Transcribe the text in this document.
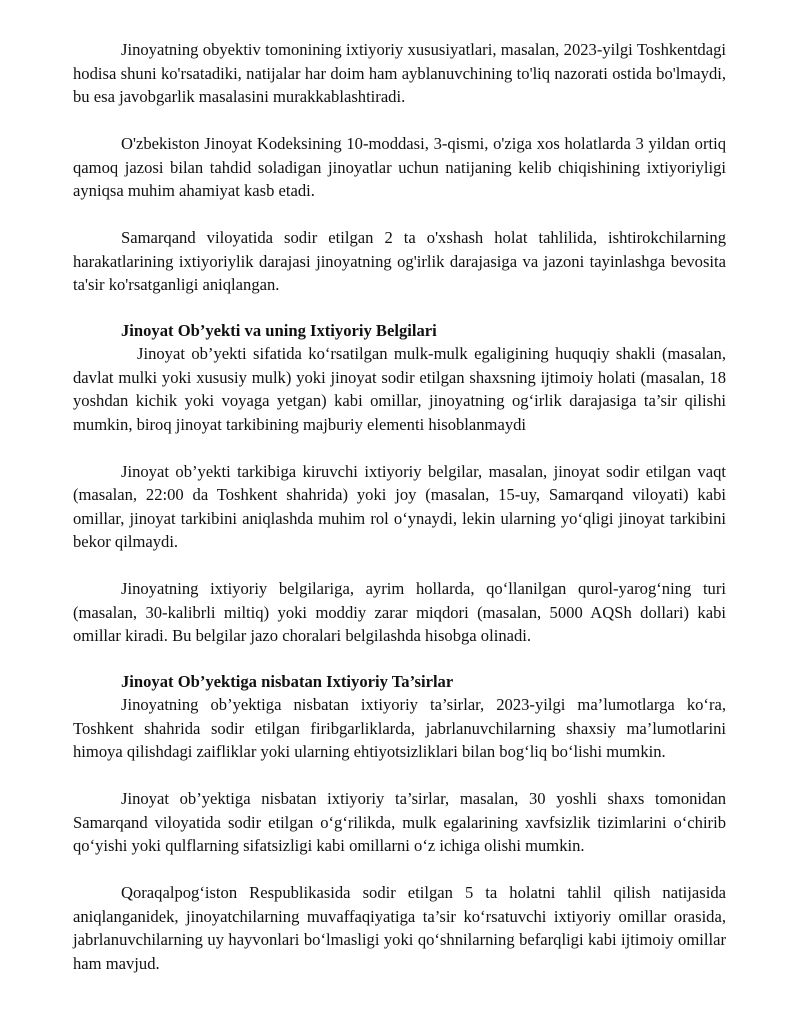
Jinoyatning obyektiv tomonining ixtiyoriy xususiyatlari, masalan, 2023-yilgi Toshkentdagi hodisa shuni ko'rsatadiki, natijalar har doim ham ayblanuvchining to'liq nazorati ostida bo'lmaydi, bu esa javobgarlik masalasini murakkablashtiradi.

O'zbekiston Jinoyat Kodeksining 10-moddasi, 3-qismi, o'ziga xos holatlarda 3 yildan ortiq qamoq jazosi bilan tahdid soladigan jinoyatlar uchun natijaning kelib chiqishining ixtiyoriyligi ayniqsa muhim ahamiyat kasb etadi.

Samarqand viloyatida sodir etilgan 2 ta o'xshash holat tahlilida, ishtirokchilarning harakatlarining ixtiyoriylik darajasi jinoyatning og'irlik darajasiga va jazoni tayinlashga bevosita ta'sir ko'rsatganligi aniqlangan.

Jinoyat Ob’yekti va uning Ixtiyoriy Belgilari

Jinoyat ob’yekti sifatida ko‘rsatilgan mulk-mulk egaligining huquqiy shakli (masalan, davlat mulki yoki xususiy mulk) yoki jinoyat sodir etilgan shaxsning ijtimoiy holati (masalan, 18 yoshdan kichik yoki voyaga yetgan) kabi omillar, jinoyatning og‘irlik darajasiga ta’sir qilishi mumkin, biroq jinoyat tarkibining majburiy elementi hisoblanmaydi

Jinoyat ob’yekti tarkibiga kiruvchi ixtiyoriy belgilar, masalan, jinoyat sodir etilgan vaqt (masalan, 22:00 da Toshkent shahrida) yoki joy (masalan, 15-uy, Samarqand viloyati) kabi omillar, jinoyat tarkibini aniqlashda muhim rol o‘ynaydi, lekin ularning yo‘qligi jinoyat tarkibini bekor qilmaydi.

Jinoyatning ixtiyoriy belgilariga, ayrim hollarda, qo‘llanilgan qurol-yarog‘ning turi (masalan, 30-kalibrli miltiq) yoki moddiy zarar miqdori (masalan, 5000 AQSh dollari) kabi omillar kiradi. Bu belgilar jazo choralari belgilashda hisobga olinadi.

Jinoyat Ob’yektiga nisbatan Ixtiyoriy Ta’sirlar

Jinoyatning ob’yektiga nisbatan ixtiyoriy ta’sirlar, 2023-yilgi ma’lumotlarga ko‘ra, Toshkent shahrida sodir etilgan firibgarliklarda, jabrlanuvchilarning shaxsiy ma’lumotlarini himoya qilishdagi zaifliklar yoki ularning ehtiyotsizliklari bilan bog‘liq bo‘lishi mumkin.

Jinoyat ob’yektiga nisbatan ixtiyoriy ta’sirlar, masalan, 30 yoshli shaxs tomonidan Samarqand viloyatida sodir etilgan o‘g‘rilikda, mulk egalarining xavfsizlik tizimlarini o‘chirib qo‘yishi yoki qulflarning sifatsizligi kabi omillarni o‘z ichiga olishi mumkin.

Qoraqalpog‘iston Respublikasida sodir etilgan 5 ta holatni tahlil qilish natijasida aniqlanganidek, jinoyatchilarning muvaffaqiyatiga ta’sir ko‘rsatuvchi ixtiyoriy omillar orasida, jabrlanuvchilarning uy hayvonlari bo‘lmasligi yoki qo‘shnilarning befarqligi kabi ijtimoiy omillar ham mavjud.
